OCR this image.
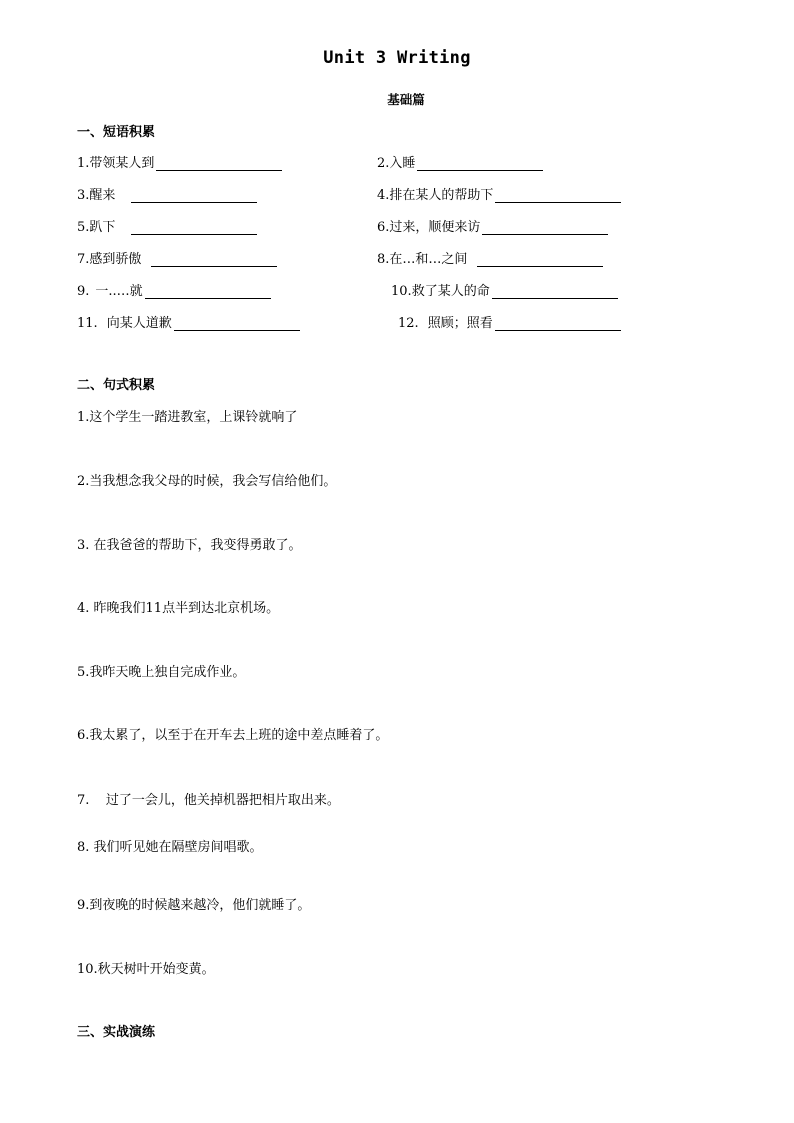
Unit 3 Writing
基础篇
一、短语积累
1. 带领某人到	2. 入睡
3. 醒来	4. 排在某人的帮助下
5. 趴下	6. 过来，顺便来访
7. 感到骄傲	8. 在…和…之间
9. 一..…就	10. 救了某人的命
11. 向某人道歉	12. 照顾；照看
二、句式积累
1.这个学生一踏进教室，上课铃就响了
2.当我想念我父母的时候，我会写信给他们。
3. 在我爸爸的帮助下，我变得勇敢了。
4. 昨晚我们11点半到达北京机场。
5.我昨天晚上独自完成作业。
6.我太累了，以至于在开车去上班的途中差点睡着了。
7.    过了一会儿，他关掉机器把相片取出来。
8. 我们听见她在隔壁房间唱歌。
9.到夜晚的时候越来越冷，他们就睡了。
10.秋天树叶开始变黄。
三、实战演练
